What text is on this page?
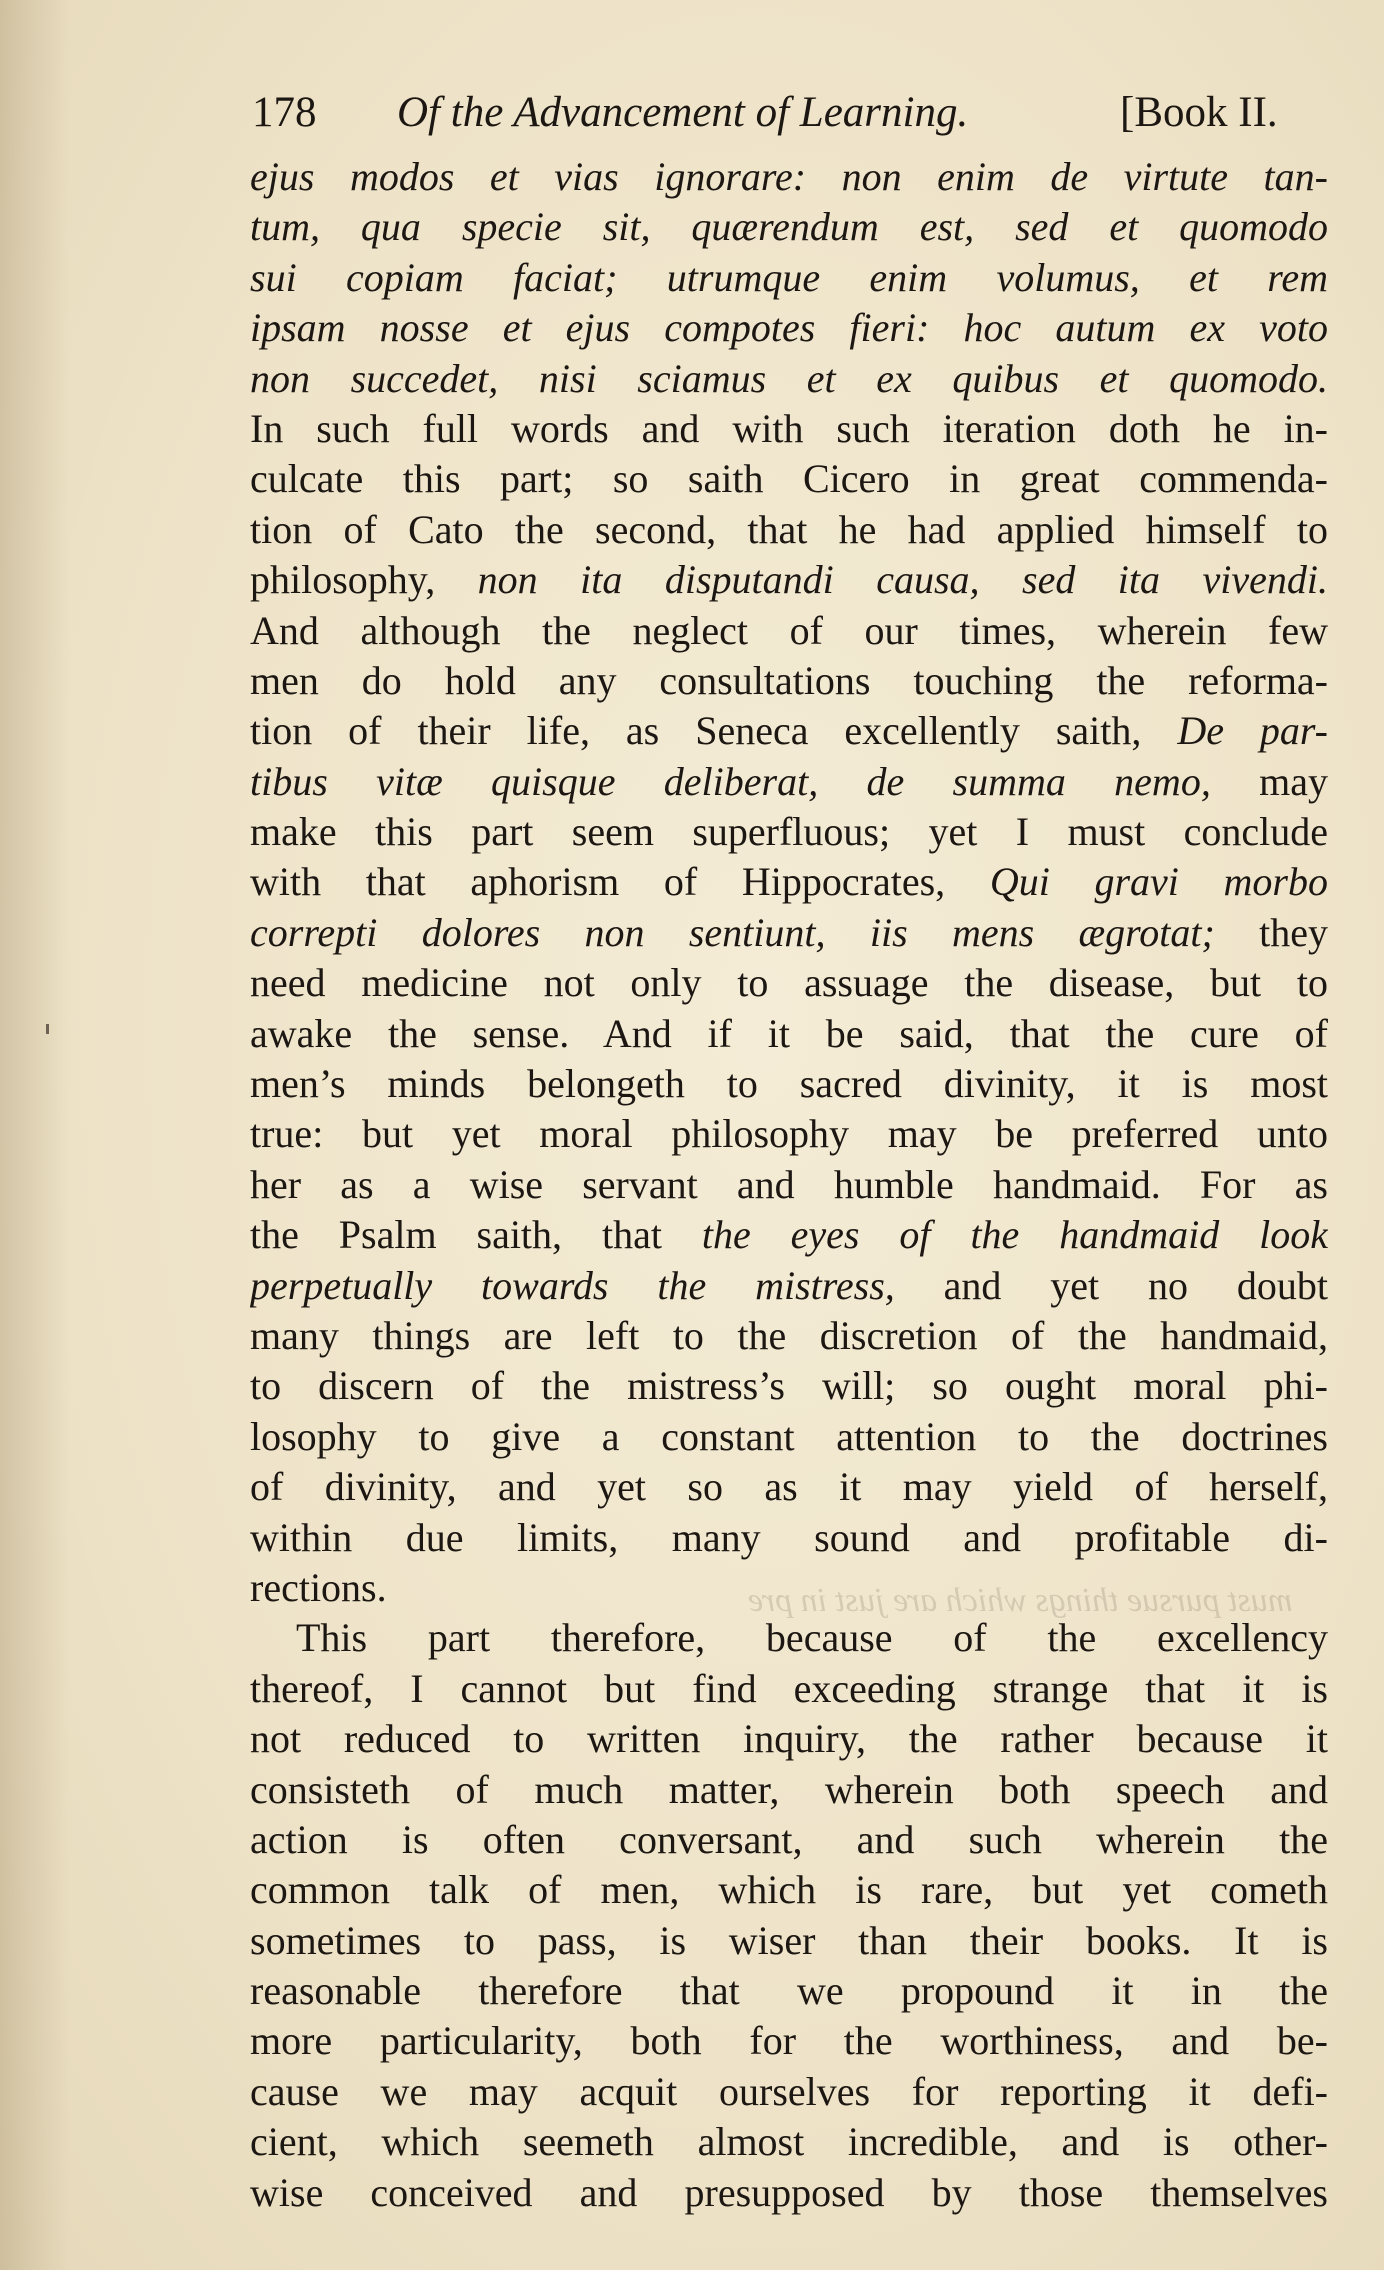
must pursue things which are just in pre
178 Of the Advancement of Learning.	[Book II.
ejus modos et vias ignorare: non enim de virtute tan-
tum, qua specie sit, quærendum est, sed et quomodo
sui copiam faciat; utrumque enim volumus, et rem
ipsam nosse et ejus compotes fieri: hoc autum ex voto
non succedet, nisi sciamus et ex quibus et quomodo.
In such full words and with such iteration doth he in-
culcate this part; so saith Cicero in great commenda-
tion of Cato the second, that he had applied himself to
philosophy, non ita disputandi causa, sed ita vivendi.
And although the neglect of our times, wherein few
men do hold any consultations touching the reforma-
tion of their life, as Seneca excellently saith, De par-
tibus vitæ quisque deliberat, de summa nemo, may
make this part seem superfluous; yet I must conclude
with that aphorism of Hippocrates, Qui gravi morbo
correpti dolores non sentiunt, iis mens ægrotat; they
need medicine not only to assuage the disease, but to
awake the sense. And if it be said, that the cure of
men’s minds belongeth to sacred divinity, it is most
true: but yet moral philosophy may be preferred unto
her as a wise servant and humble handmaid. For as
the Psalm saith, that the eyes of the handmaid look
perpetually towards the mistress, and yet no doubt
many things are left to the discretion of the handmaid,
to discern of the mistress’s will; so ought moral phi-
losophy to give a constant attention to the doctrines
of divinity, and yet so as it may yield of herself,
within due limits, many sound and profitable di-
rections.
This part therefore, because of the excellency
thereof, I cannot but find exceeding strange that it is
not reduced to written inquiry, the rather because it
consisteth of much matter, wherein both speech and
action is often conversant, and such wherein the
common talk of men, which is rare, but yet cometh
sometimes to pass, is wiser than their books. It is
reasonable therefore that we propound it in the
more particularity, both for the worthiness, and be-
cause we may acquit ourselves for reporting it defi-
cient, which seemeth almost incredible, and is other-
wise conceived and presupposed by those themselves
